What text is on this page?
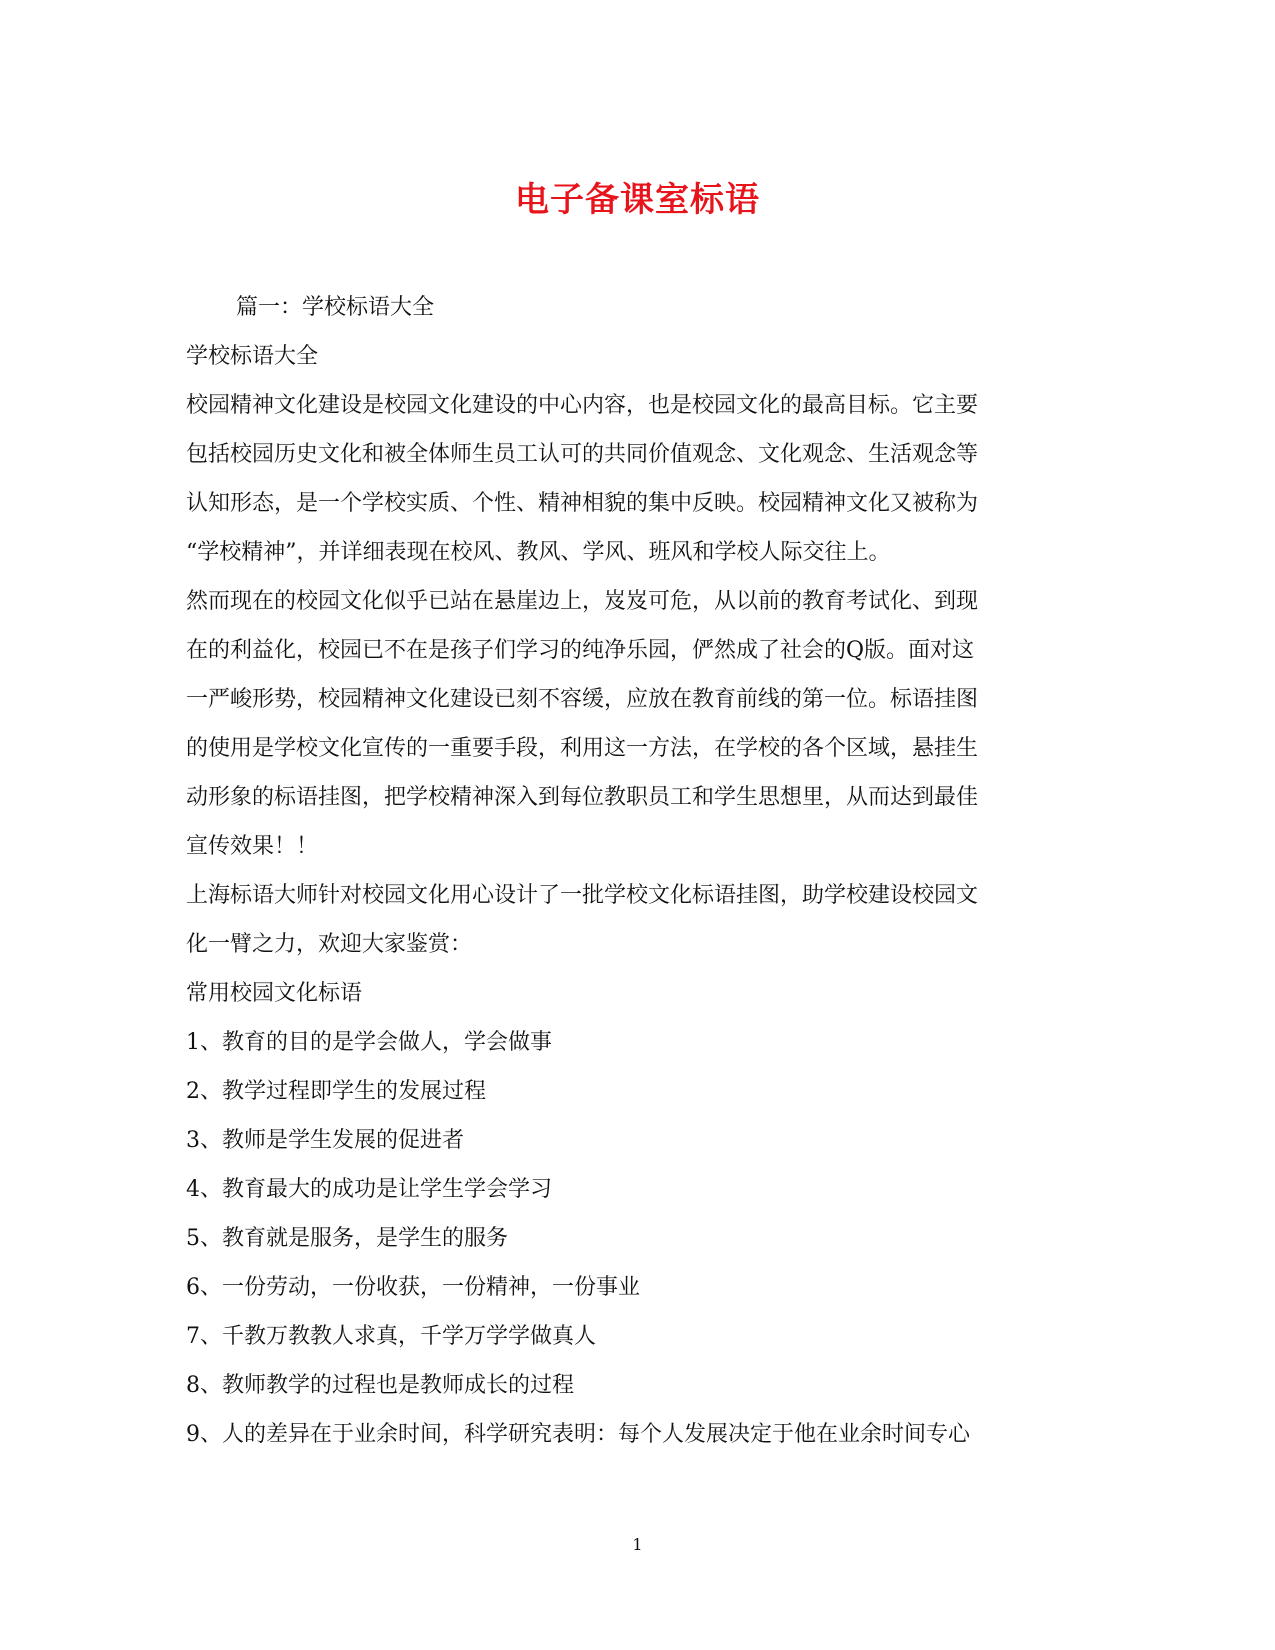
电子备课室标语
篇一：学校标语大全
学校标语大全
校园精神文化建设是校园文化建设的中心内容，也是校园文化的最高目标。它主要
包括校园历史文化和被全体师生员工认可的共同价值观念、文化观念、生活观念等
认知形态，是一个学校实质、个性、精神相貌的集中反映。校园精神文化又被称为
“学校精神”，并详细表现在校风、教风、学风、班风和学校人际交往上。
然而现在的校园文化似乎已站在悬崖边上，岌岌可危，从以前的教育考试化、到现
在的利益化，校园已不在是孩子们学习的纯净乐园，俨然成了社会的Q版。面对这
一严峻形势，校园精神文化建设已刻不容缓，应放在教育前线的第一位。标语挂图
的使用是学校文化宣传的一重要手段，利用这一方法，在学校的各个区域，悬挂生
动形象的标语挂图，把学校精神深入到每位教职员工和学生思想里，从而达到最佳
宣传效果！！
上海标语大师针对校园文化用心设计了一批学校文化标语挂图，助学校建设校园文
化一臂之力，欢迎大家鉴赏：
常用校园文化标语
1、教育的目的是学会做人，学会做事
2、教学过程即学生的发展过程
3、教师是学生发展的促进者
4、教育最大的成功是让学生学会学习
5、教育就是服务，是学生的服务
6、一份劳动，一份收获，一份精神，一份事业
7、千教万教教人求真，千学万学学做真人
8、教师教学的过程也是教师成长的过程
9、人的差异在于业余时间，科学研究表明：每个人发展决定于他在业余时间专心
1
